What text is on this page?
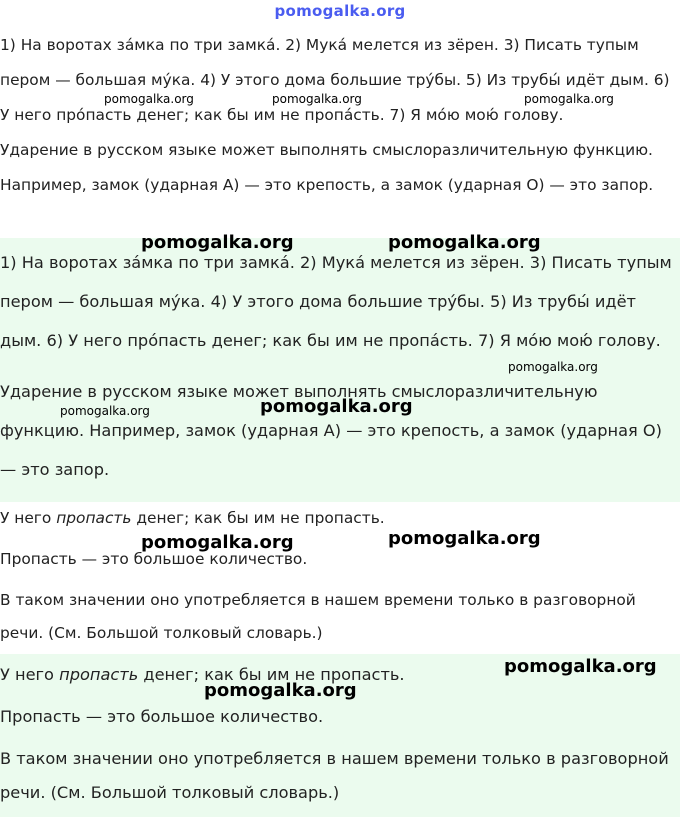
pomogalka.org

1) На воротах зáмка по три замкá. 2) Мукá мелется из зёрен. 3) Писать тупым пером — большая мýка. 4) У этого дома большие трýбы. 5) Из трубы́ идёт дым. 6) У него прóпасть денег; как бы им не пропáсть. 7) Я мóю мою́ голову.

Ударение в русском языке может выполнять смыслоразличительную функцию. Например, замок (ударная А) — это крепость, а замок (ударная О) — это запор.

1) На воротах зáмка по три замкá. 2) Мукá мелется из зёрен. 3) Писать тупым пером — большая мýка. 4) У этого дома большие трýбы. 5) Из трубы́ идёт дым. 6) У него прóпасть денег; как бы им не пропáсть. 7) Я мóю мою́ голову.

Ударение в русском языке может выполнять смыслоразличительную функцию. Например, замок (ударная А) — это крепость, а замок (ударная О) — это запор.

У него пропасть денег; как бы им не пропасть.

Пропасть — это большое количество.

В таком значении оно употребляется в нашем времени только в разговорной речи. (См. Большой толковый словарь.)

У него пропасть денег; как бы им не пропасть.

Пропасть — это большое количество.

В таком значении оно употребляется в нашем времени только в разговорной речи. (См. Большой толковый словарь.)

pomogalka.org	pomogalka.org	pomogalka.org
pomogalka.org	pomogalka.org
pomogalka.org
pomogalka.org	pomogalka.org
pomogalka.org	pomogalka.org
pomogalka.org
pomogalka.org
